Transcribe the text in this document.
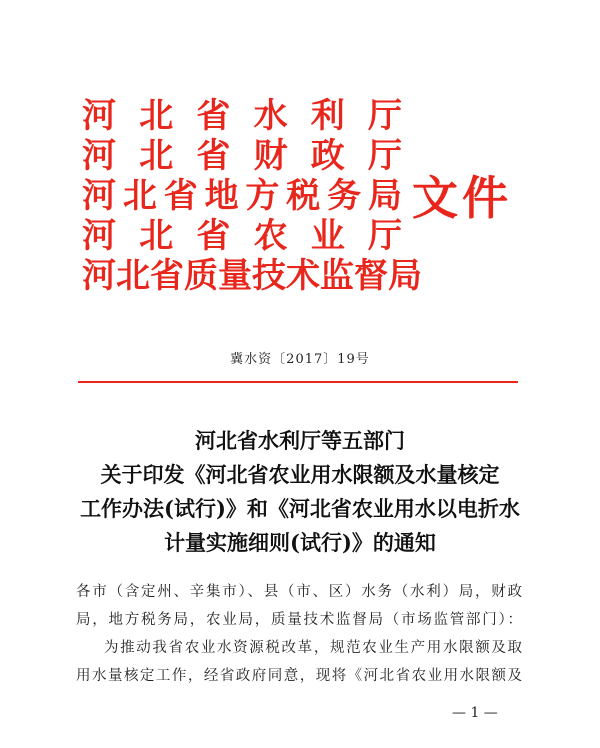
河北省水利厅
河北省财政厅
河北省地方税务局
河北省农业厅
河北省质量技术监督局
文件
冀水资〔2017〕19号
河北省水利厅等五部门
关于印发《河北省农业用水限额及水量核定
工作办法(试行)》和《河北省农业用水以电折水
计量实施细则(试行)》的通知
各市（含定州、辛集市）、县（市、区）水务（水利）局，财政
局，地方税务局，农业局，质量技术监督局（市场监管部门）：
为推动我省农业水资源税改革，规范农业生产用水限额及取
用水量核定工作，经省政府同意，现将《河北省农业用水限额及
— 1 —
